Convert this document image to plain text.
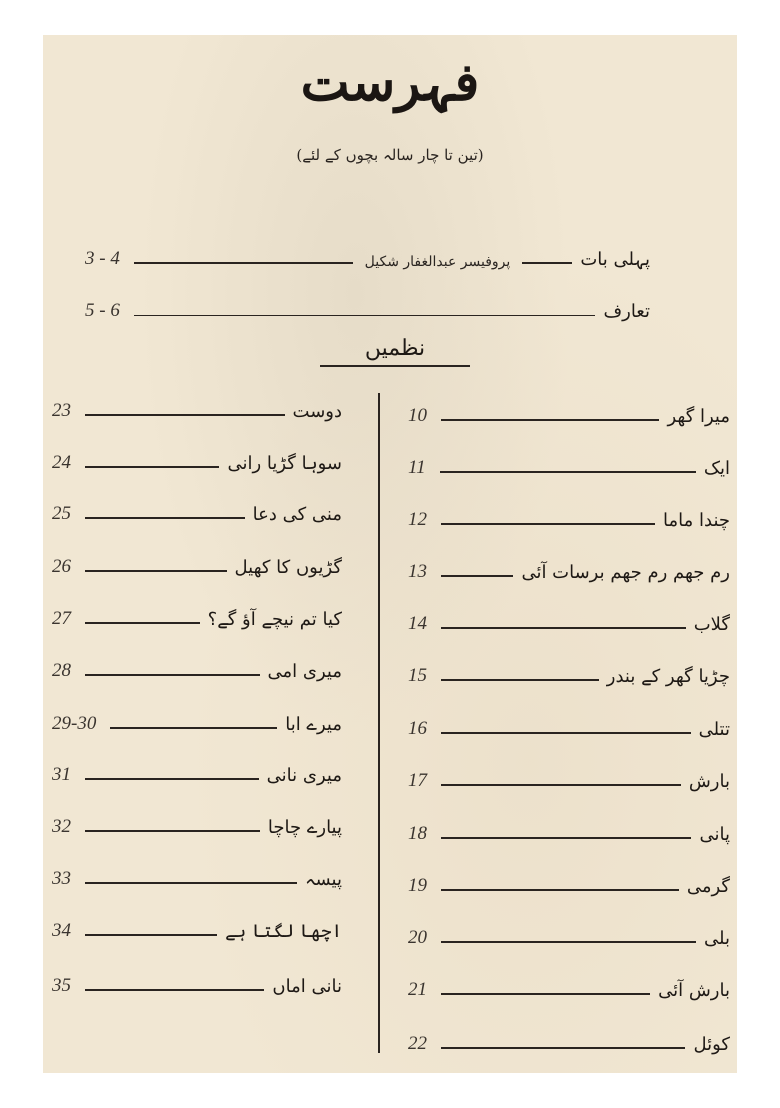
فہرست
(تین تا چار سالہ بچوں کے لئے)
3 - 4	پروفیسر عبدالغفار شکیل	پہلی بات
5 - 6	تعارف
نظمیں
23	دوست
24	سوہا گڑیا رانی
25	منی کی دعا
26	گڑیوں کا کھیل
27	کیا تم نیچے آؤ گے؟
28	میری امی
29-30	میرے ابا
31	میری نانی
32	پیارے چاچا
33	پیسہ
34	اچھا لگتا ہے
35	نانی اماں
10	میرا گھر
11	ایک
12	چندا ماما
13	رم جھم رم جھم برسات آئی
14	گلاب
15	چڑیا گھر کے بندر
16	تتلی
17	بارش
18	پانی
19	گرمی
20	بلی
21	بارش آئی
22	کوئل
